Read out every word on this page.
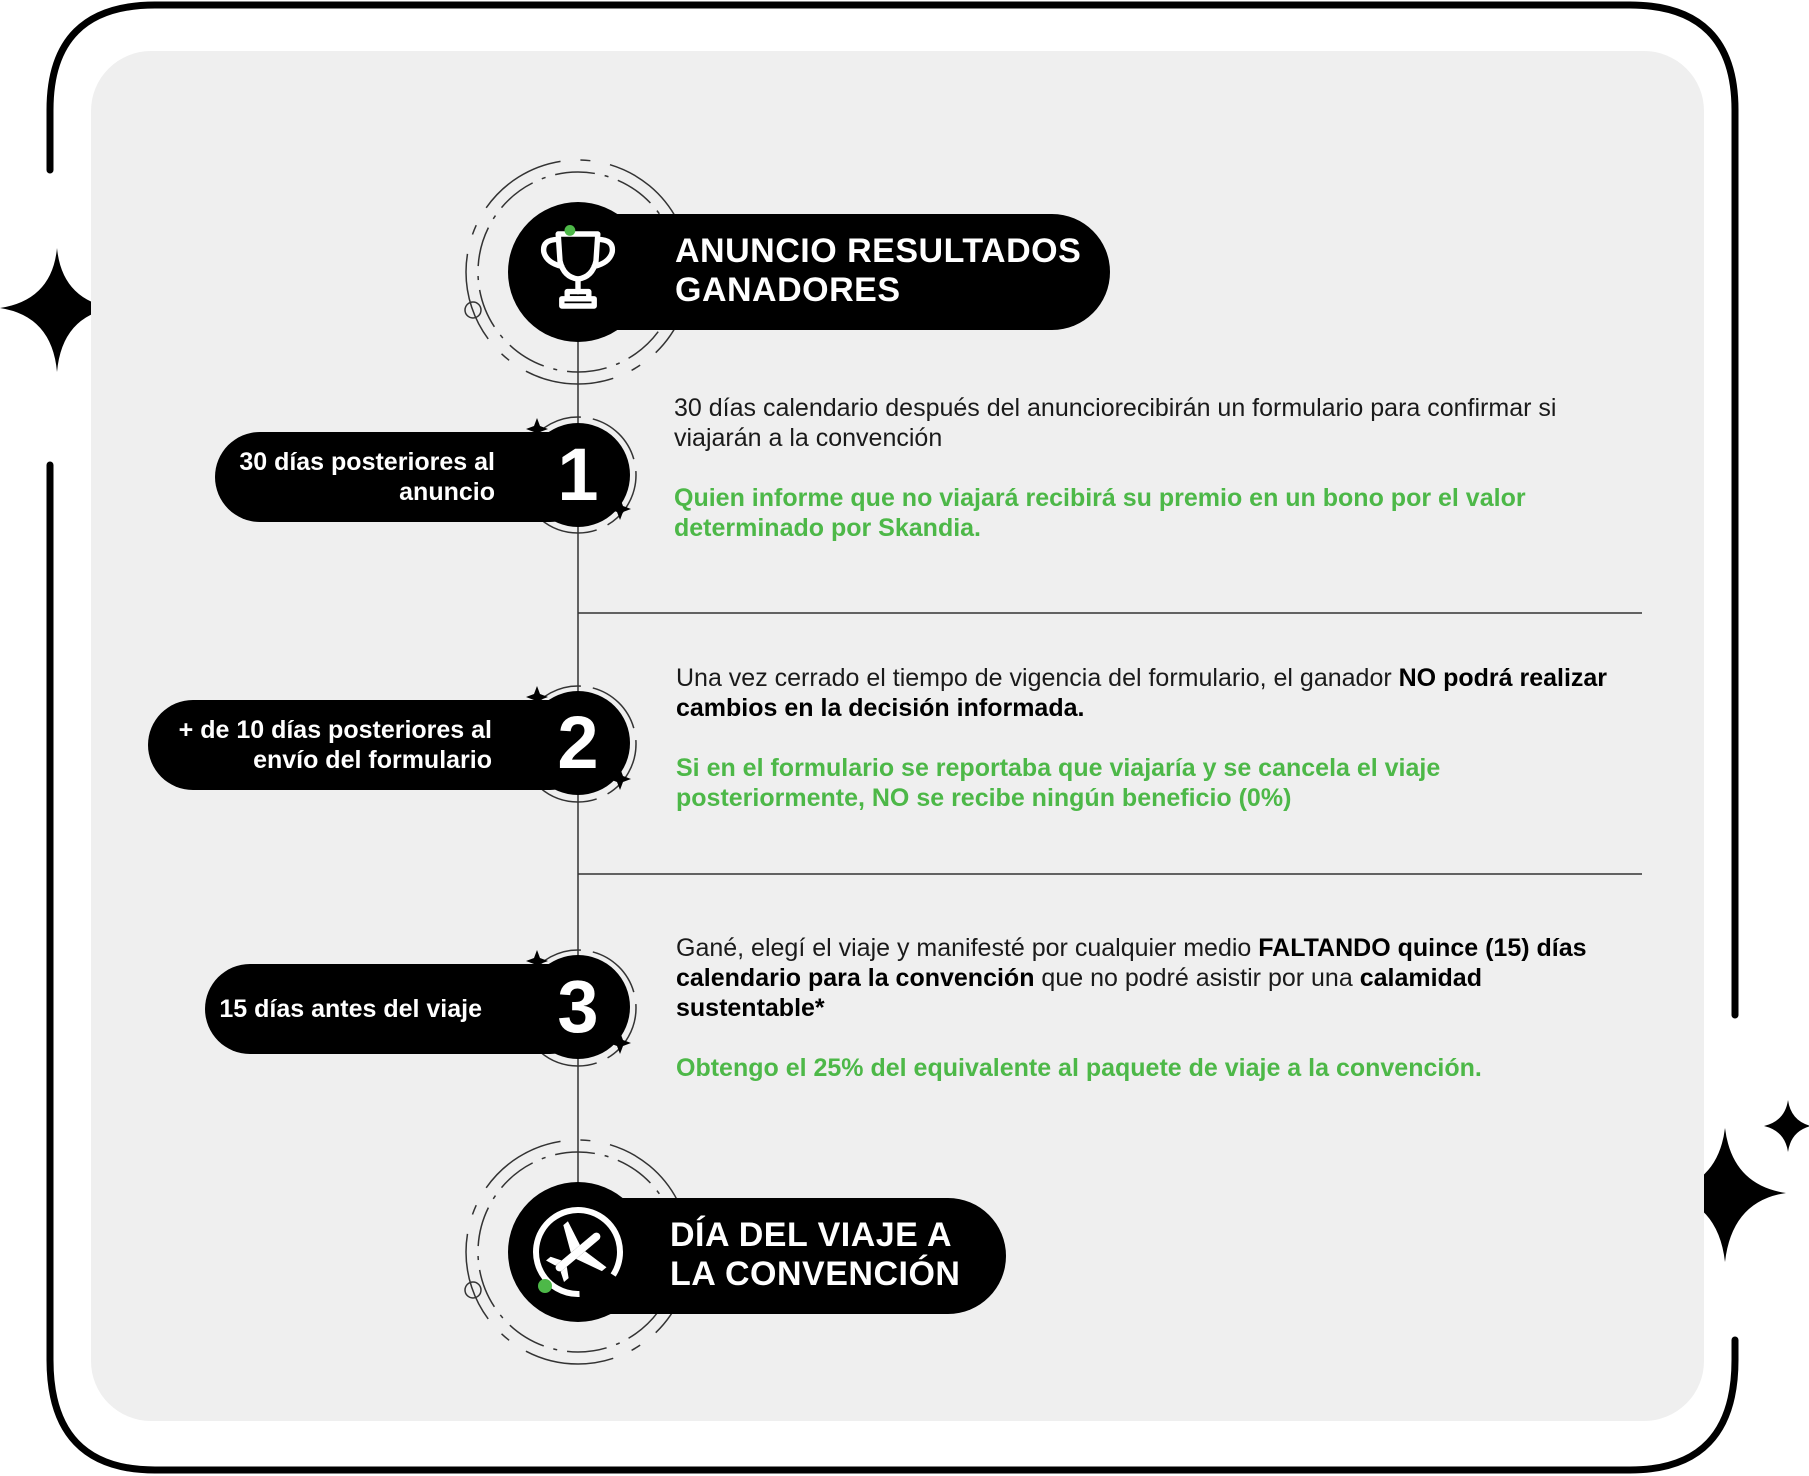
ANUNCIO RESULTADOS
GANADORES
30 días posteriores al
anuncio 1
30 días calendario después del anunciorecibirán un formulario para confirmar si viajarán a la convención
Quien informe que no viajará recibirá su premio en un bono por el valor determinado por Skandia.
+ de 10 días posteriores al
envío del formulario 2
Una vez cerrado el tiempo de vigencia del formulario, el ganador NO podrá realizar cambios en la decisión informada.
Si en el formulario se reportaba que viajaría y se cancela el viaje posteriormente, NO se recibe ningún beneficio (0%)
15 días antes del viaje	3
Gané, elegí el viaje y manifesté por cualquier medio FALTANDO quince (15) días calendario para la convención que no podré asistir por una calamidad sustentable*
Obtengo el 25% del equivalente al paquete de viaje a la convención.
DÍA DEL VIAJE A
LA CONVENCIÓN
